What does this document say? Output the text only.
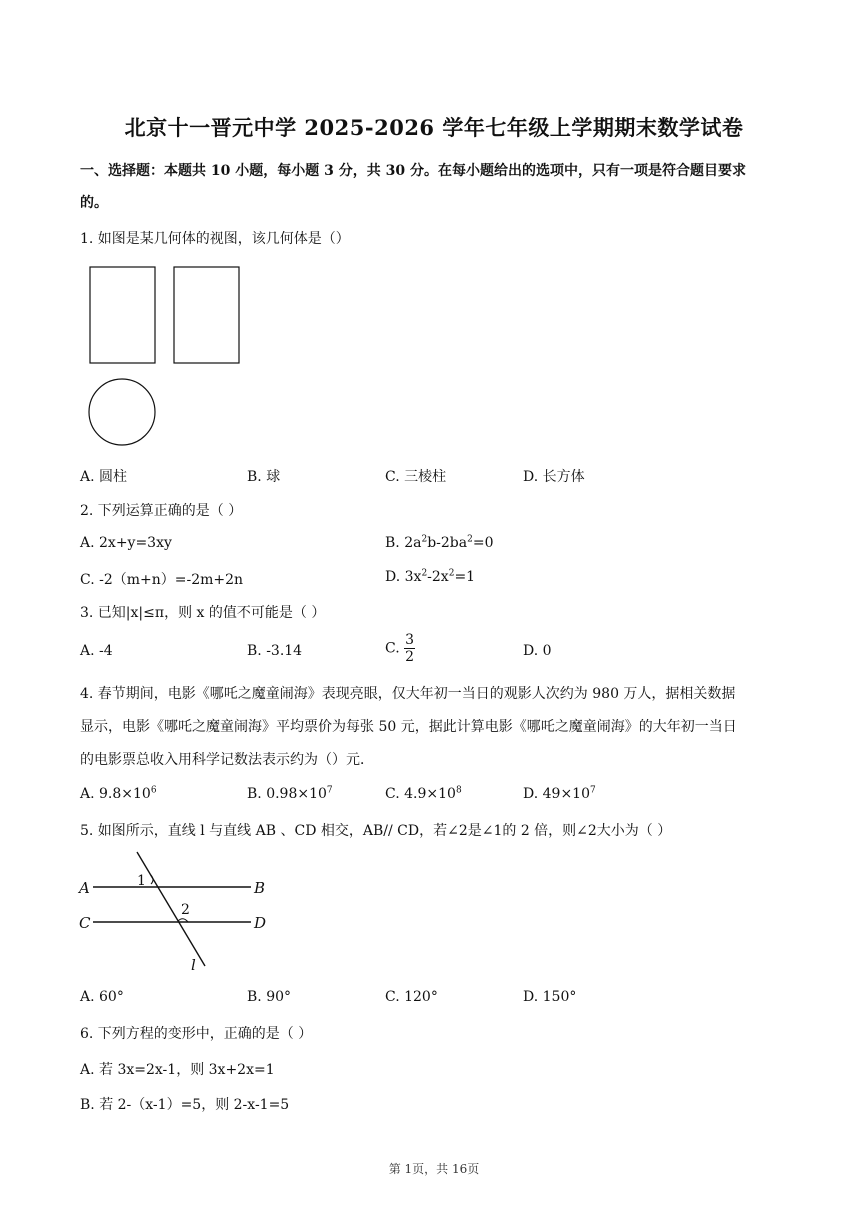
北京十一晋元中学 2025-2026 学年七年级上学期期末数学试卷
一、选择题：本题共 10 小题，每小题 3 分，共 30 分。在每小题给出的选项中，只有一项是符合题目要求
的。
1. 如图是某几何体的视图，该几何体是（）
A. 圆柱	B. 球	C. 三棱柱	D. 长方体
2. 下列运算正确的是（ ）
A. 2x+y=3xy	B. $2a^2b-2ba^2=0$
C. -2（m+n）=-2m+2n	D. $3x^2-2x^2=1$
3. 已知|x|≤π，则 x 的值不可能是（ ）
A. -4	B. -3.14	C. $\frac{3}{2}$	D. 0
4. 春节期间，电影《哪吒之魔童闹海》表现亮眼，仅大年初一当日的观影人次约为 980 万人，据相关数据
显示，电影《哪吒之魔童闹海》平均票价为每张 50 元，据此计算电影《哪吒之魔童闹海》的大年初一当日
的电影票总收入用科学记数法表示约为（）元．
A. $9.8\times 10^6$	B. $0.98\times 10^7$	C. $4.9\times 10^8$	D. $49\times 10^7$
5. 如图所示，直线 l 与直线 AB 、CD 相交，AB// CD，若∠2是∠1的 2 倍，则∠2大小为（ ）
A	B
C	D
l
1
2
A. 60°	B. 90°	C. 120°	D. 150°
6. 下列方程的变形中，正确的是（ ）
A. 若 3x=2x-1，则 3x+2x=1
B. 若 2-（x-1）=5，则 2-x-1=5
第 1页，共 16页
